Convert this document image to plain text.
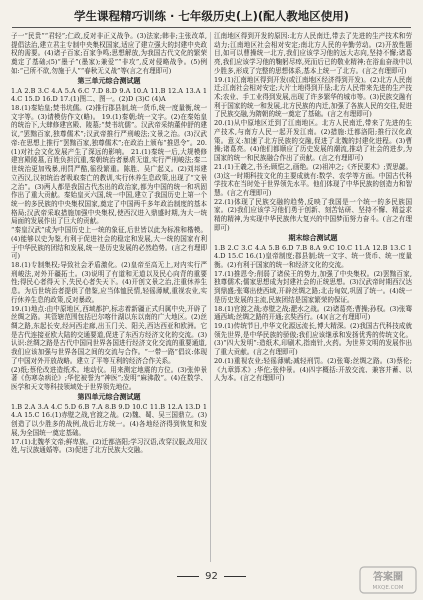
学生课程精巧训练 · 七年级历史(上)(配人教地区使用)
子一“民贵”“君轻”;仁政,反对非正义战争。(3)法家;韩非;主张改革,提倡法治,建立君主专制中央集权国家,适应了建立强大的封建中央政权的需要。(4)诸子百家;百家争鸣;思想解放,为我国古代文化的繁荣奠定了基础;(5)“墨子”(墨家);兼爱”“非攻”,反对侵略战争。(5)例如:“己所不欲,勿施于人”“春秋无义战”等(言之有理即可)
第三单元综合测试题
1.A 2.B 3.C 4.A 5.A 6.C 7.D 8.D 9.A 10.A 11.B 12.A 13.A 14.C 15.D 16.D 17.(1)图二、图一。(2)D (3)C (4)A
18.(1)秦始皇;焚书坑儒。(2)推行郡县制,统一货币,统一度量衡,统一文字等。(3)请模仿作文(略)。 19.(1)秦朝;统一文字。(2)在秦始皇的统治下,大肆修建宫殿、陵墓;“焚书坑儒”。汉武帝采纳董仲舒的建议,“罢黜百家,独尊儒术”;汉武帝推行严刑峻法;文景之治。(3)汉武帝:在思想上推行“罢黜百家,独尊儒术”;在政治上颁布“推恩令”。20.(1)对社会文化发展产生了深远的影响。 21.(1)秦统一后,大规模修建宫殿陵墓,百姓负担沉重,秦朝统治者暴虐无道,实行严刑峻法;秦二世统治更加残暴,刑罚严酷,徭役繁重。陈胜、吴广起义。(2)刘邦建立西汉,汉初统治者吸取秦亡的教训,实行休养生息政策,出现了“文景之治”。(3)两人都是我国古代杰出的政治家,都为中国的统一和巩固作出了重大贡献。秦始皇灭六国,统一中国,建立了我国历史上第一个统一的多民族的中央集权国家,奠定了中国两千多年政治制度的基本格局;汉武帝采取措施加强中央集权,使西汉进入鼎盛时期,为大一统局面的发展作出了巨大的贡献。
“秦皇汉武”成为中国历史上一统的象征,后世皆以此为标准和楷模。(4)能够以史为鉴,有利于促进社会的稳定和发展,大一统的国家有利于中华民族的团结和发展,统一是历史发展的必然趋势。(言之有理即可)
18.(1)专制集权;导致社会矛盾激化。(2)皇帝至高无上,对内实行严刑峻法,对外开疆拓土。(3)说明了有道和无道以及民心向背的重要性;得民心者得天下,失民心者失天下。(4)开创文景之治,注重休养生息。为后世统治者提供了借鉴,应当体恤民情,轻徭薄赋,重视农业,实行休养生息的政策,反对暴政。
19.(1)地点:由中原地区,西域都护,标志着新疆正式归属中央,开辟了丝绸之路。其管辖范围包括巴尔喀什湖以东以南的广大地区。(2)丝绸之路,东起长安,经河西走廊,出玉门关、阳关,西达西亚和欧洲。它是古代连接亚欧大陆的交通要道,促进了东西方经济文化的交流。(3)认识:丝绸之路是古代中国同世界各国进行经济文化交流的重要通道,我们应该加强与世界各国之间的交流与合作。“一带一路”倡议:体现了中国对外开放战略。建立了平等互利的经济合作关系。
(2)纸;蔡伦改进造纸术。地动仪。用来测定地震的方位。(3)张仲景著《伤寒杂病论》;华佗被誉为“神医”;发明“麻沸散”。(4)在数学、医学和天文等科技领域处于世界领先地位。
第四单元综合测试题
1.B 2.A 3.A 4.C 5.D 6.B 7.A 8.B 9.D 10.C 11.B 12.A 13.D 14.A 15.C 16.(1)赤壁之战,官渡之战。(2)魏、蜀、吴三国鼎立。(3)创造了以少胜多的战例,战后北方统一。(4)各地经济得到恢复和发展,为全国统一奠定基础。
17.(1)北魏孝文帝;鲜卑族。(2)迁都洛阳;学习汉语,改穿汉服,改用汉姓,与汉族通婚等。(3)促进了北方民族大交融。
江南地区得到开发的原因:北方人民南迁,带去了先进的生产技术和劳动力;江南地区社会相对安定;南北方人民的辛勤劳动。(2)开放性题目,如可以曹操统一北方,我们应该学习他的远大志向,坚持不懈;诸葛亮,我们应该学习他的鞠躬尽瘁,死而后已的敬业精神;在浴血奋战中以少胜多,形成了完整的思想体系,基本上统一了北方。(言之有理即可)
19.(1)江南地区得到开发(或江南地区经济得到开发)。(2)北方人民南迁;江南社会相对安定;大片土地得到开垦;北方人民带来先进的生产技术;农业、手工业得到发展,出现了许多繁华的城市等。(3)民族交融有利于国家的统一和发展,北方民族的内迁,加强了各族人民的交往,促进了民族交融,为隋朝的统一奠定了基础。(言之有理即可)
20.(1)从中原地区迁到了江南地区。北方人民南迁,带来了先进的生产技术,与南方人民一起开发江南。(2)措施:迁都洛阳;推行汉化政策。意义:加速了北方民族的交融,促进了北魏的封建化进程。(3)曹操;诸葛亮。(4)他们都顺应了历史发展的潮流,推动了社会的进步,为国家的统一和民族融合作出了贡献。(言之有理即可)
21.(1)王羲之,书圣;顾恺之,画绝。(2)祖冲之;《齐民要术》;贾思勰。(3)这一时期科技文化的主要成就有:数学、农学等方面。中国古代科学技术在当时处于世界领先水平。他们体现了中华民族的创造力和智慧。(言之有理即可)
22.(1)体现了民族交融的趋势,反映了我国是一个统一的多民族国家。(2)我们应该学习他们勇于创新、刻苦钻研、坚持不懈、精益求精的精神,为实现中华民族伟大复兴的中国梦而努力奋斗。(言之有理即可)
期末综合测试题
1.B 2.C 3.C 4.A 5.B 6.D 7.B 8.A 9.C 10.C 11.A 12.B 13.C 14.D 15.C 16.(1)皇帝制度;郡县制;统一文字、统一货币、统一度量衡。(2)有利于国家的统一和经济文化的交流。
17.(1)推恩令;削弱了诸侯王的势力,加强了中央集权。(2)罢黜百家,独尊儒术;儒家思想成为封建社会的正统思想。(3)汉武帝时期西汉达到鼎盛;张骞出使西域,开辟丝绸之路;北击匈奴,巩固了统一。(4)统一是历史发展的主流,民族团结是国家繁荣的保证。
18.(1)官渡之战;赤壁之战;淝水之战。(2)诸葛亮;曹操;孙权。(3)张骞通西域;丝绸之路的开通;玄奘西行。(4)(言之有理即可)
19.(1)传统节日,中华文化源远流长,博大精深。(2)我国古代科技成就领先世界,是中华民族的骄傲;我们应该继承和发扬优秀的传统文化。(3)“四大发明”:造纸术,印刷术,指南针,火药。为世界文明的发展作出了重大贡献。(言之有理即可)
20.(1)重视农业;轻徭薄赋;减轻刑罚。(2)张骞;丝绸之路。(3)蔡伦;《九章算术》;华佗;张仲景。(4)四字概括:开放交流、兼容并蓄、以人为本。(言之有理即可)
92	答案圈
MXQE.COM
